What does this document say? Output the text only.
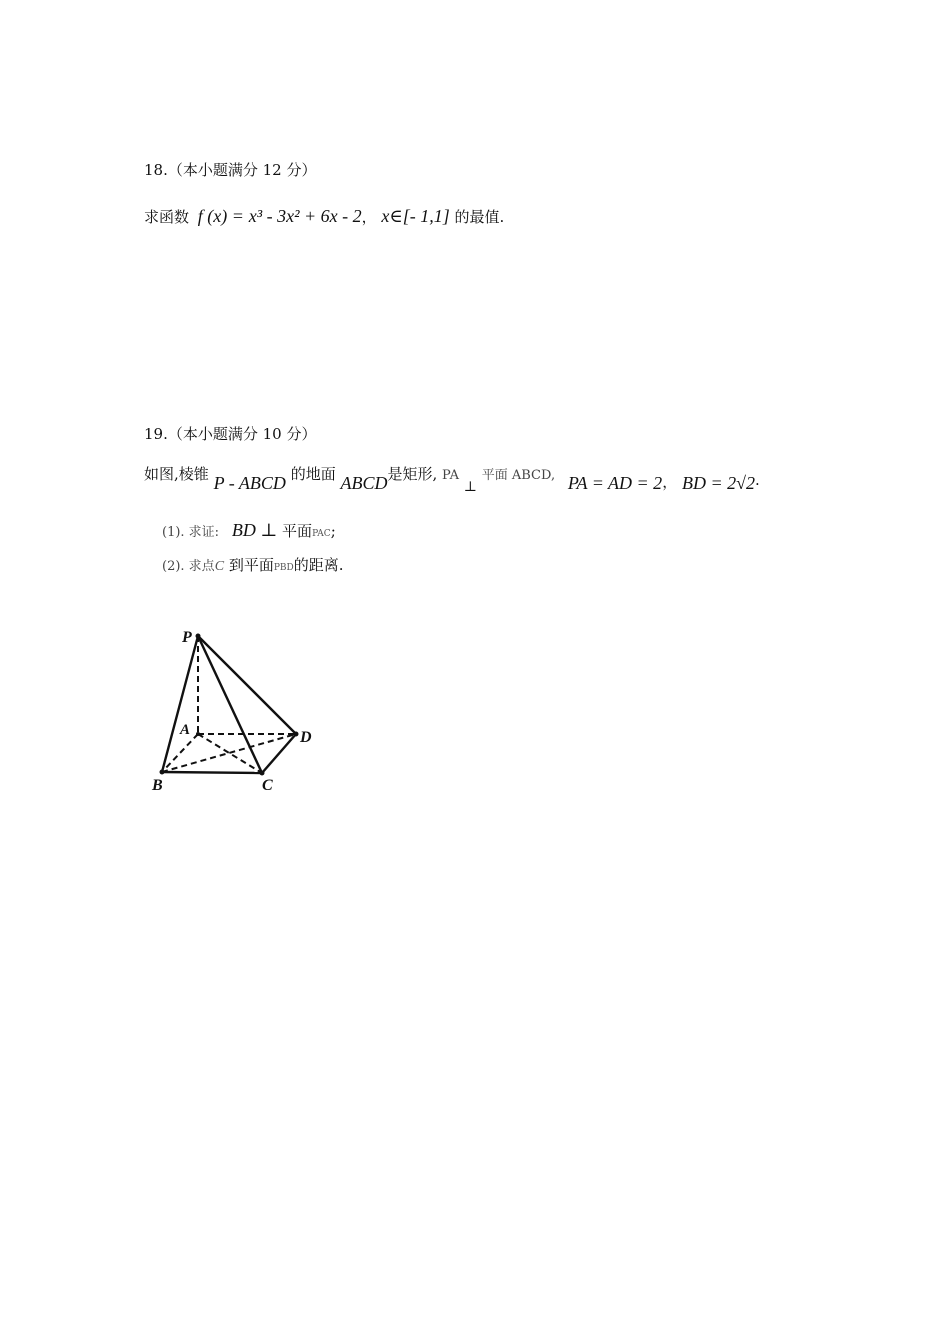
18.（本小题满分 12 分）
求函数 f (x) = x³ - 3x² + 6x - 2， x∈[- 1,1] 的最值.
19.（本小题满分 10 分）
如图,棱锥 P - ABCD 的地面 ABCD是矩形, PA ⊥ 平面 ABCD, PA = AD = 2， BD = 2√2.
(1). 求证: BD ⊥ 平面PAC;
(2). 求点C 到平面PBD的距离.
P
A
B	C
D
